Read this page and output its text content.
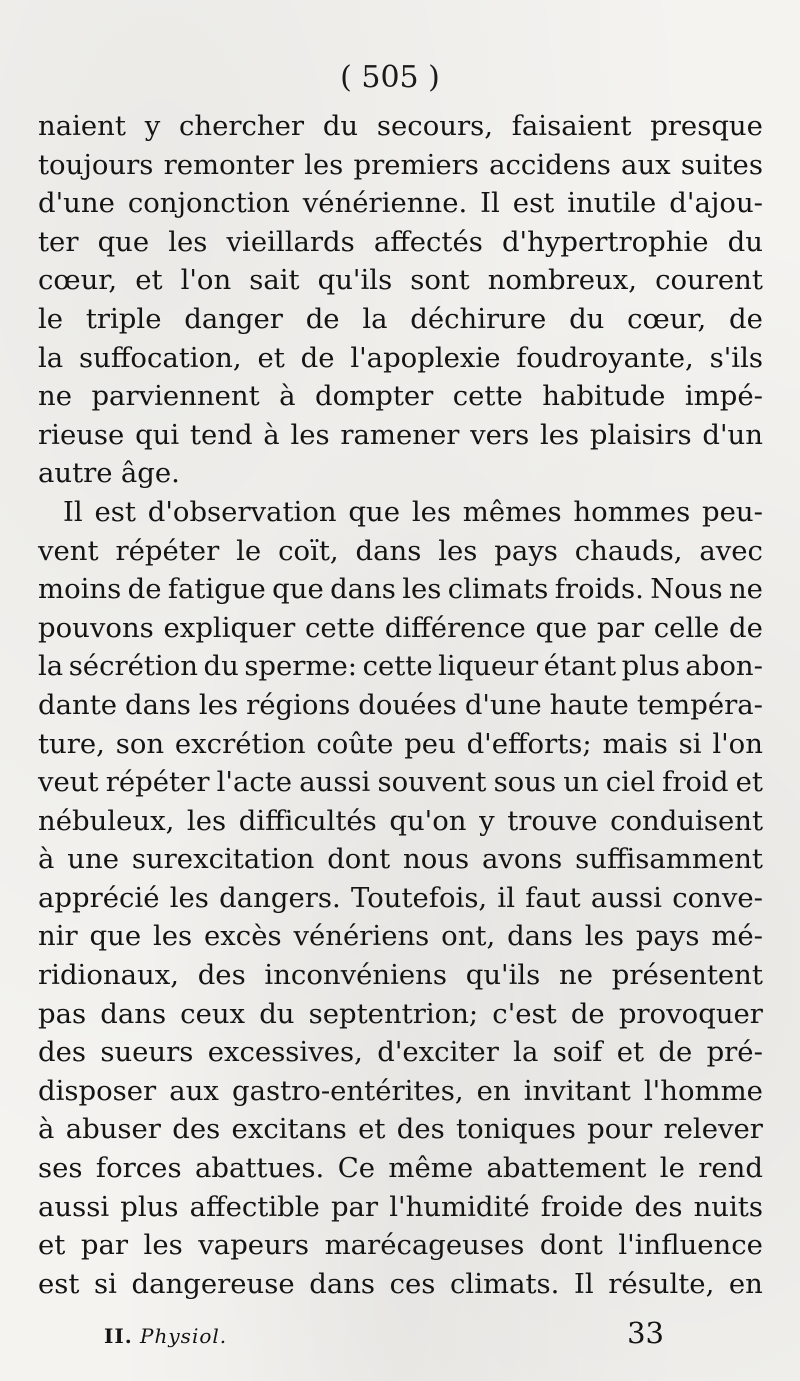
( 505 )
naient y chercher du secours, faisaient presque
toujours remonter les premiers accidens aux suites
d'une conjonction vénérienne. Il est inutile d'ajou-
ter que les vieillards affectés d'hypertrophie du
cœur, et l'on sait qu'ils sont nombreux, courent
le triple danger de la déchirure du cœur, de
la suffocation, et de l'apoplexie foudroyante, s'ils
ne parviennent à dompter cette habitude impé-
rieuse qui tend à les ramener vers les plaisirs d'un
autre âge.
Il est d'observation que les mêmes hommes peu-
vent répéter le coït, dans les pays chauds, avec
moins de fatigue que dans les climats froids. Nous ne
pouvons expliquer cette différence que par celle de
la sécrétion du sperme: cette liqueur étant plus abon-
dante dans les régions douées d'une haute tempéra-
ture, son excrétion coûte peu d'efforts; mais si l'on
veut répéter l'acte aussi souvent sous un ciel froid et
nébuleux, les difficultés qu'on y trouve conduisent
à une surexcitation dont nous avons suffisamment
apprécié les dangers. Toutefois, il faut aussi conve-
nir que les excès vénériens ont, dans les pays mé-
ridionaux, des inconvéniens qu'ils ne présentent
pas dans ceux du septentrion; c'est de provoquer
des sueurs excessives, d'exciter la soif et de pré-
disposer aux gastro-entérites, en invitant l'homme
à abuser des excitans et des toniques pour relever
ses forces abattues. Ce même abattement le rend
aussi plus affectible par l'humidité froide des nuits
et par les vapeurs marécageuses dont l'influence
est si dangereuse dans ces climats. Il résulte, en
II. Physiol.	33
